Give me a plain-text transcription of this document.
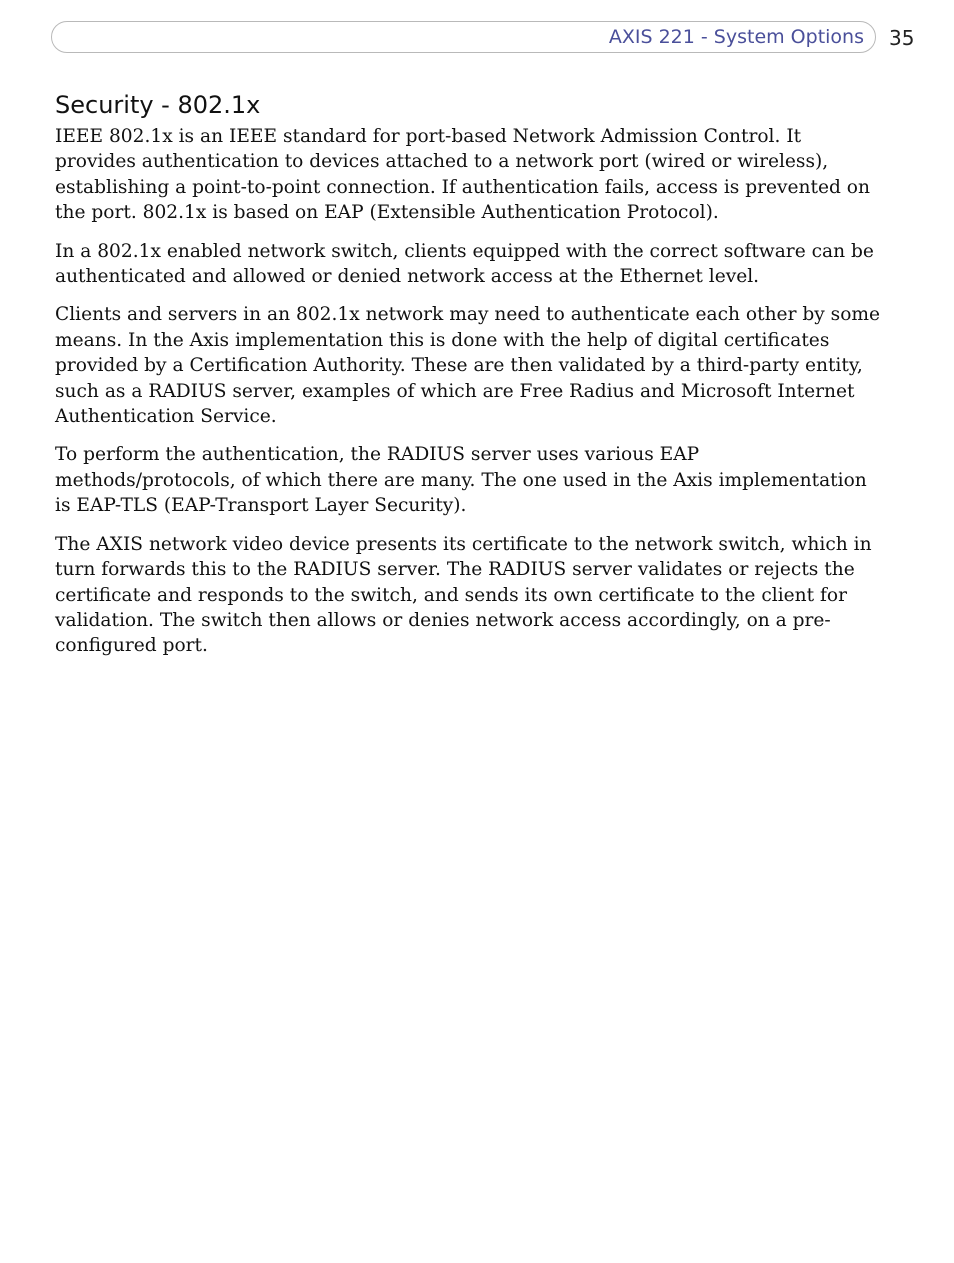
AXIS 221 - System Options 35
Security - 802.1x

IEEE 802.1x is an IEEE standard for port-based Network Admission Control. It provides authentication to devices attached to a network port (wired or wireless), establishing a point-to-point connection. If authentication fails, access is prevented on the port. 802.1x is based on EAP (Extensible Authentication Protocol).

In a 802.1x enabled network switch, clients equipped with the correct software can be authenticated and allowed or denied network access at the Ethernet level.

Clients and servers in an 802.1x network may need to authenticate each other by some means. In the Axis implementation this is done with the help of digital certificates provided by a Certification Authority. These are then validated by a third-party entity, such as a RADIUS server, examples of which are Free Radius and Microsoft Internet Authentication Service.

To perform the authentication, the RADIUS server uses various EAP methods/protocols, of which there are many. The one used in the Axis implementation is EAP-TLS (EAP-Transport Layer Security).

The AXIS network video device presents its certificate to the network switch, which in turn forwards this to the RADIUS server. The RADIUS server validates or rejects the certificate and responds to the switch, and sends its own certificate to the client for validation. The switch then allows or denies network access accordingly, on a pre-configured port.
